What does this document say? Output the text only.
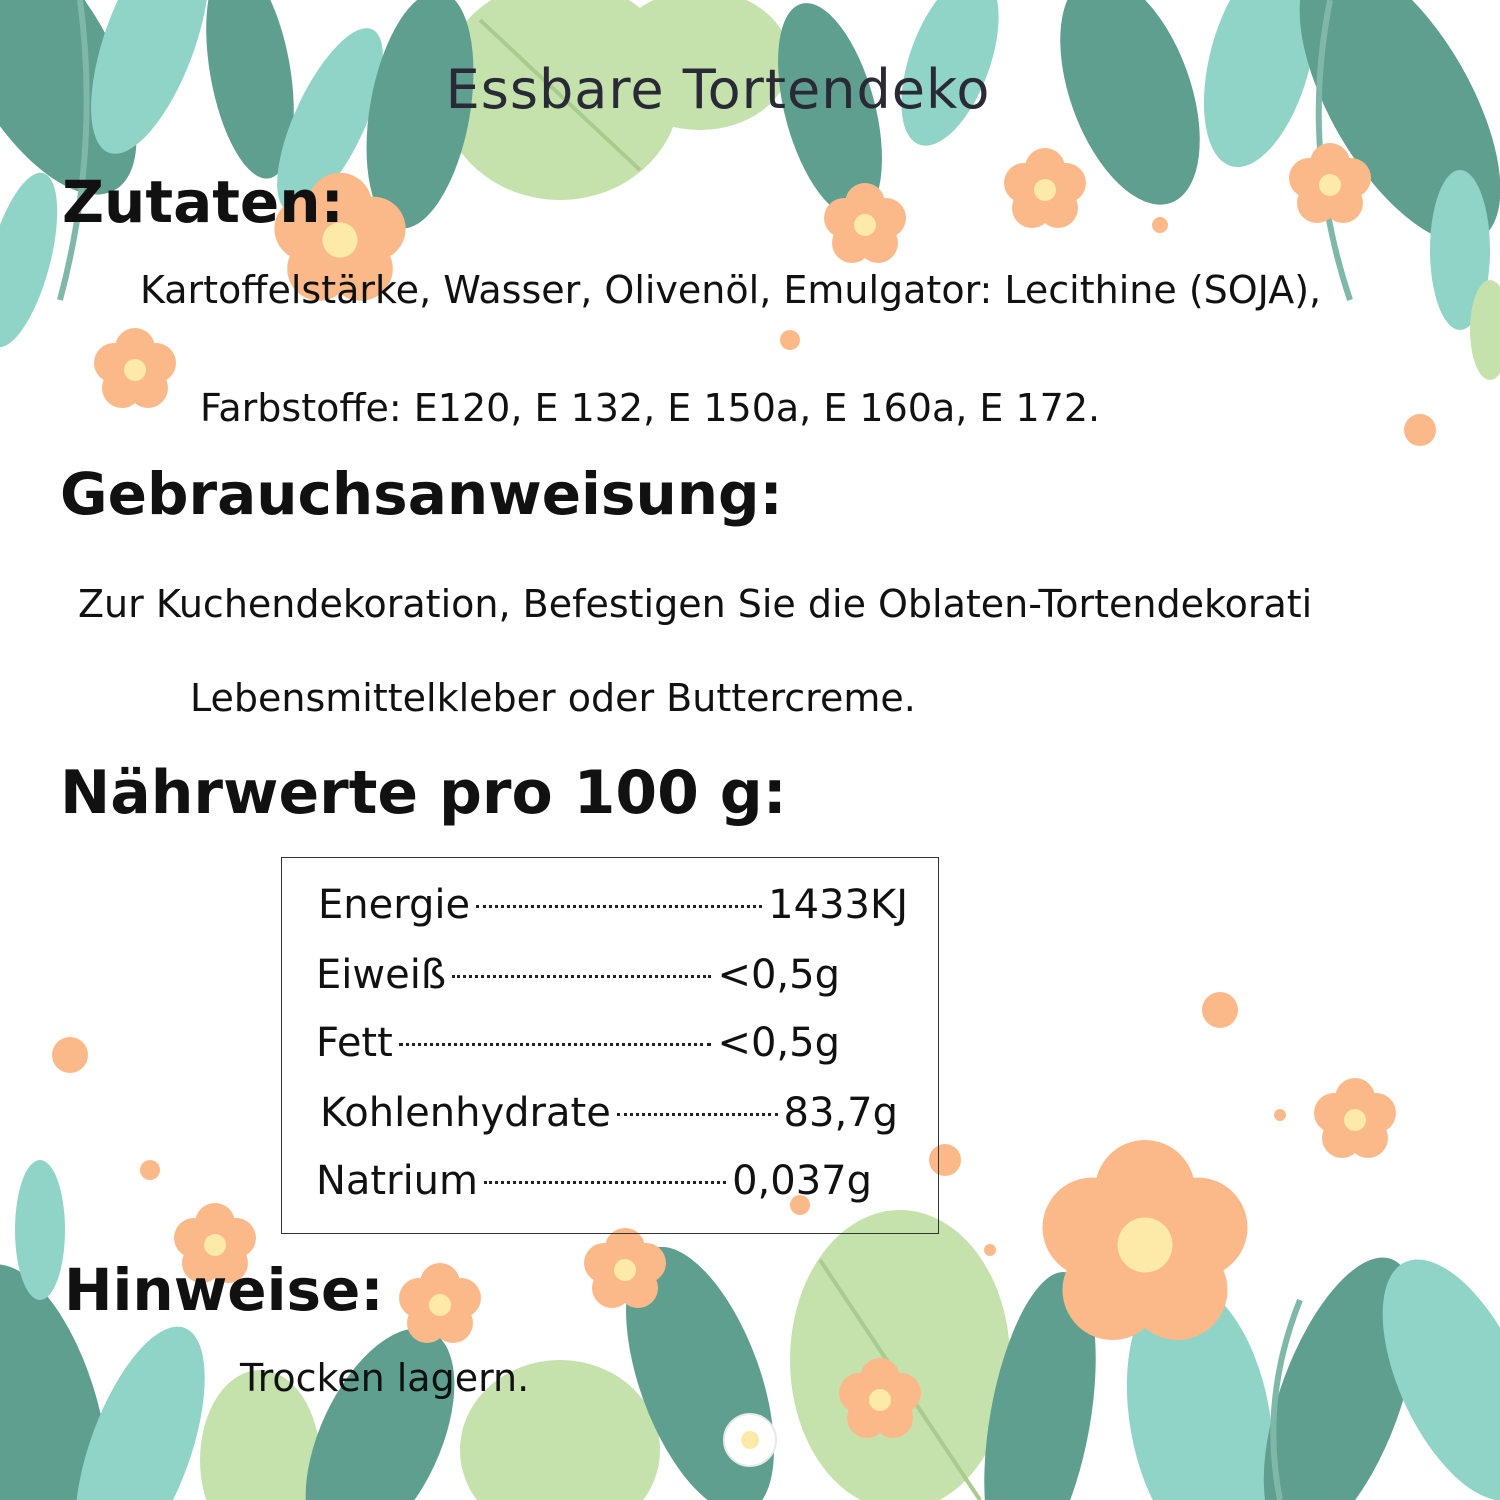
Essbare Tortendeko
Zutaten:
Kartoffelstärke, Wasser, Olivenöl, Emulgator: Lecithine (SOJA),
Farbstoffe: E120, E 132, E 150a, E 160a, E 172.
Gebrauchsanweisung:
Zur Kuchendekoration, Befestigen Sie die Oblaten-Tortendekorati
Lebensmittelkleber oder Buttercreme.
Nährwerte pro 100 g:
Energie	1433KJ
Eiweiß	<0,5g
Fett	<0,5g
Kohlenhydrate	83,7g
Natrium	0,037g
Hinweise:
Trocken lagern.
